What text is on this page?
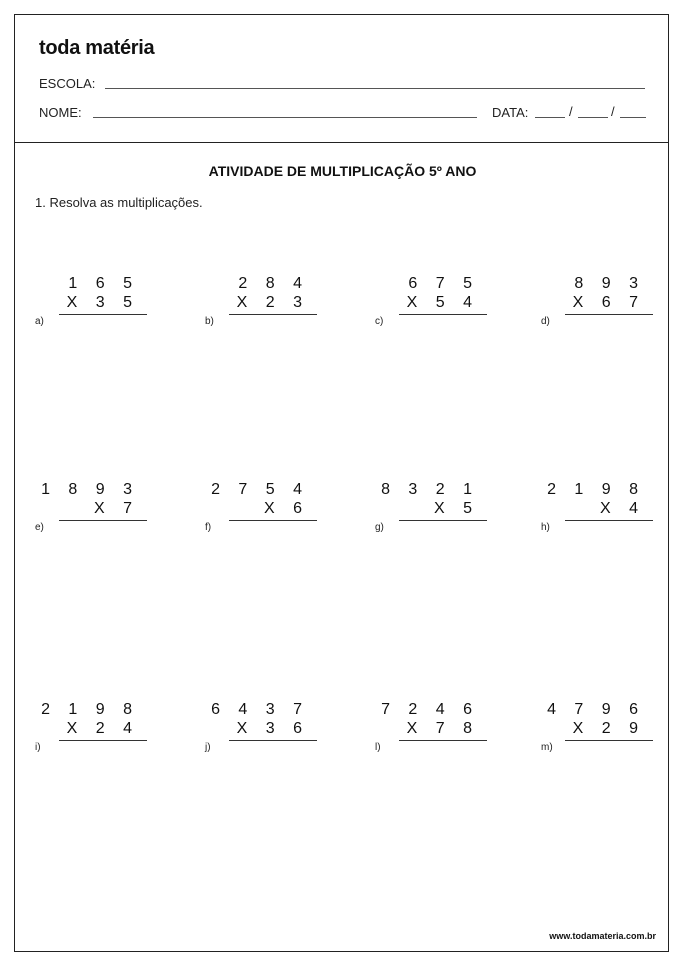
toda matéria
ESCOLA:
NOME:	DATA:	/	/
ATIVIDADE DE MULTIPLICAÇÃO 5º ANO
1. Resolva as multiplicações.
1 6 5
X 3 5
a)
2 8 4
X 2 3
b)
6 7 5
X 5 4
c)
8 9 3
X 6 7
d)
1 8 9 3
X 7
e)
2 7 5 4
X 6
f)
8 3 2 1
X 5
g)
2 1 9 8
X 4
h)
2 1 9 8
X 2 4
i)
6 4 3 7
X 3 6
j)
7 2 4 6
X 7 8
l)
4 7 9 6
X 2 9
m)
www.todamateria.com.br
